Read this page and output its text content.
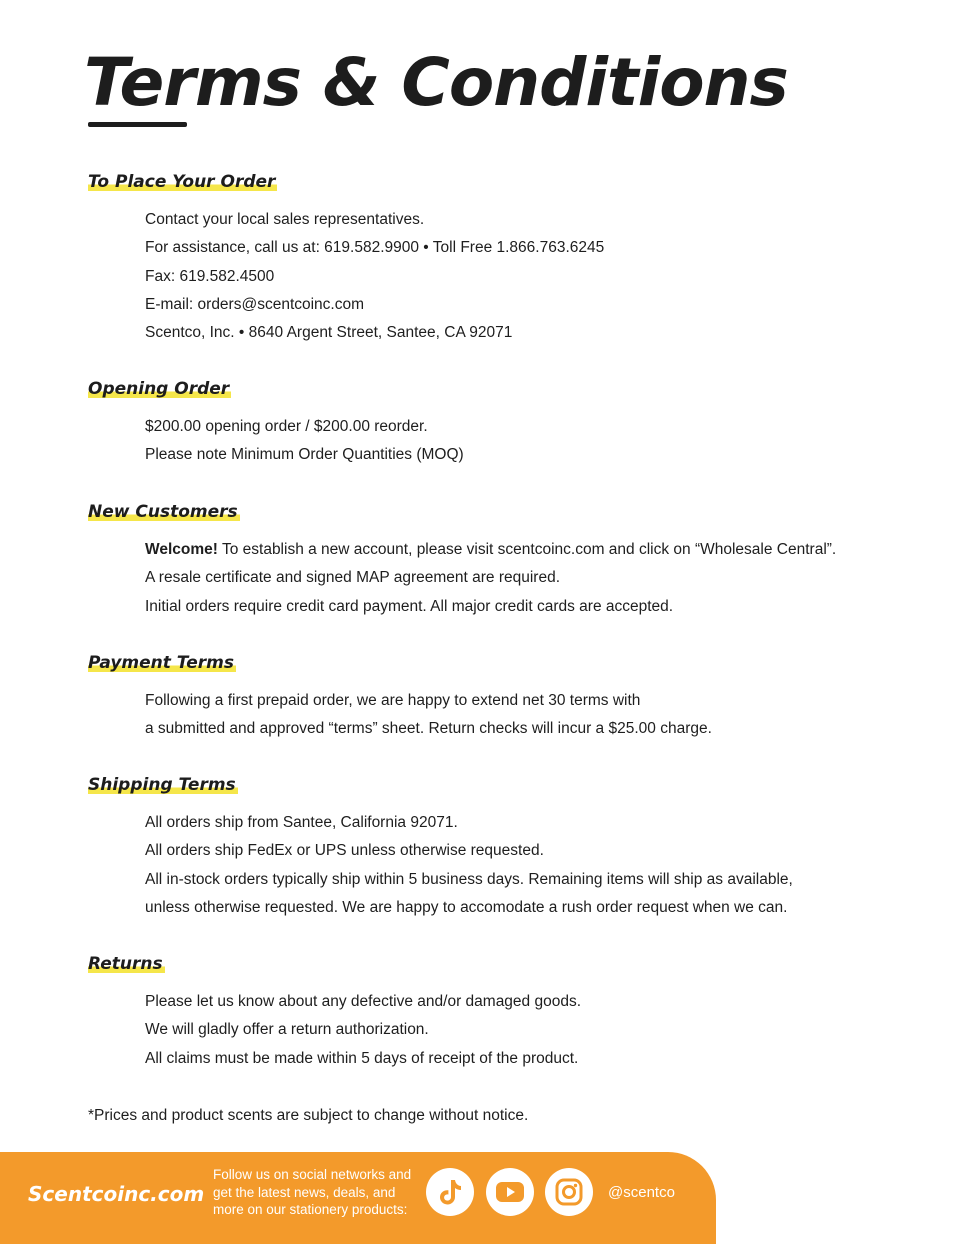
Terms & Conditions
To Place Your Order
Contact your local sales representatives.
For assistance, call us at: 619.582.9900 • Toll Free 1.866.763.6245
Fax: 619.582.4500
E-mail: orders@scentcoinc.com
Scentco, Inc. • 8640 Argent Street, Santee, CA 92071
Opening Order
$200.00 opening order / $200.00 reorder.
Please note Minimum Order Quantities (MOQ)
New Customers
Welcome! To establish a new account, please visit scentcoinc.com and click on “Wholesale Central”.
A resale certificate and signed MAP agreement are required.
Initial orders require credit card payment. All major credit cards are accepted.
Payment Terms
Following a first prepaid order, we are happy to extend net 30 terms with
a submitted and approved “terms” sheet. Return checks will incur a $25.00 charge.
Shipping Terms
All orders ship from Santee, California 92071.
All orders ship FedEx or UPS unless otherwise requested.
All in-stock orders typically ship within 5 business days. Remaining items will ship as available,
unless otherwise requested. We are happy to accomodate a rush order request when we can.
Returns
Please let us know about any defective and/or damaged goods.
We will gladly offer a return authorization.
All claims must be made within 5 days of receipt of the product.
*Prices and product scents are subject to change without notice.
Scentcoinc.com
Follow us on social networks and
get the latest news, deals, and
more on our stationery products:
@scentco
